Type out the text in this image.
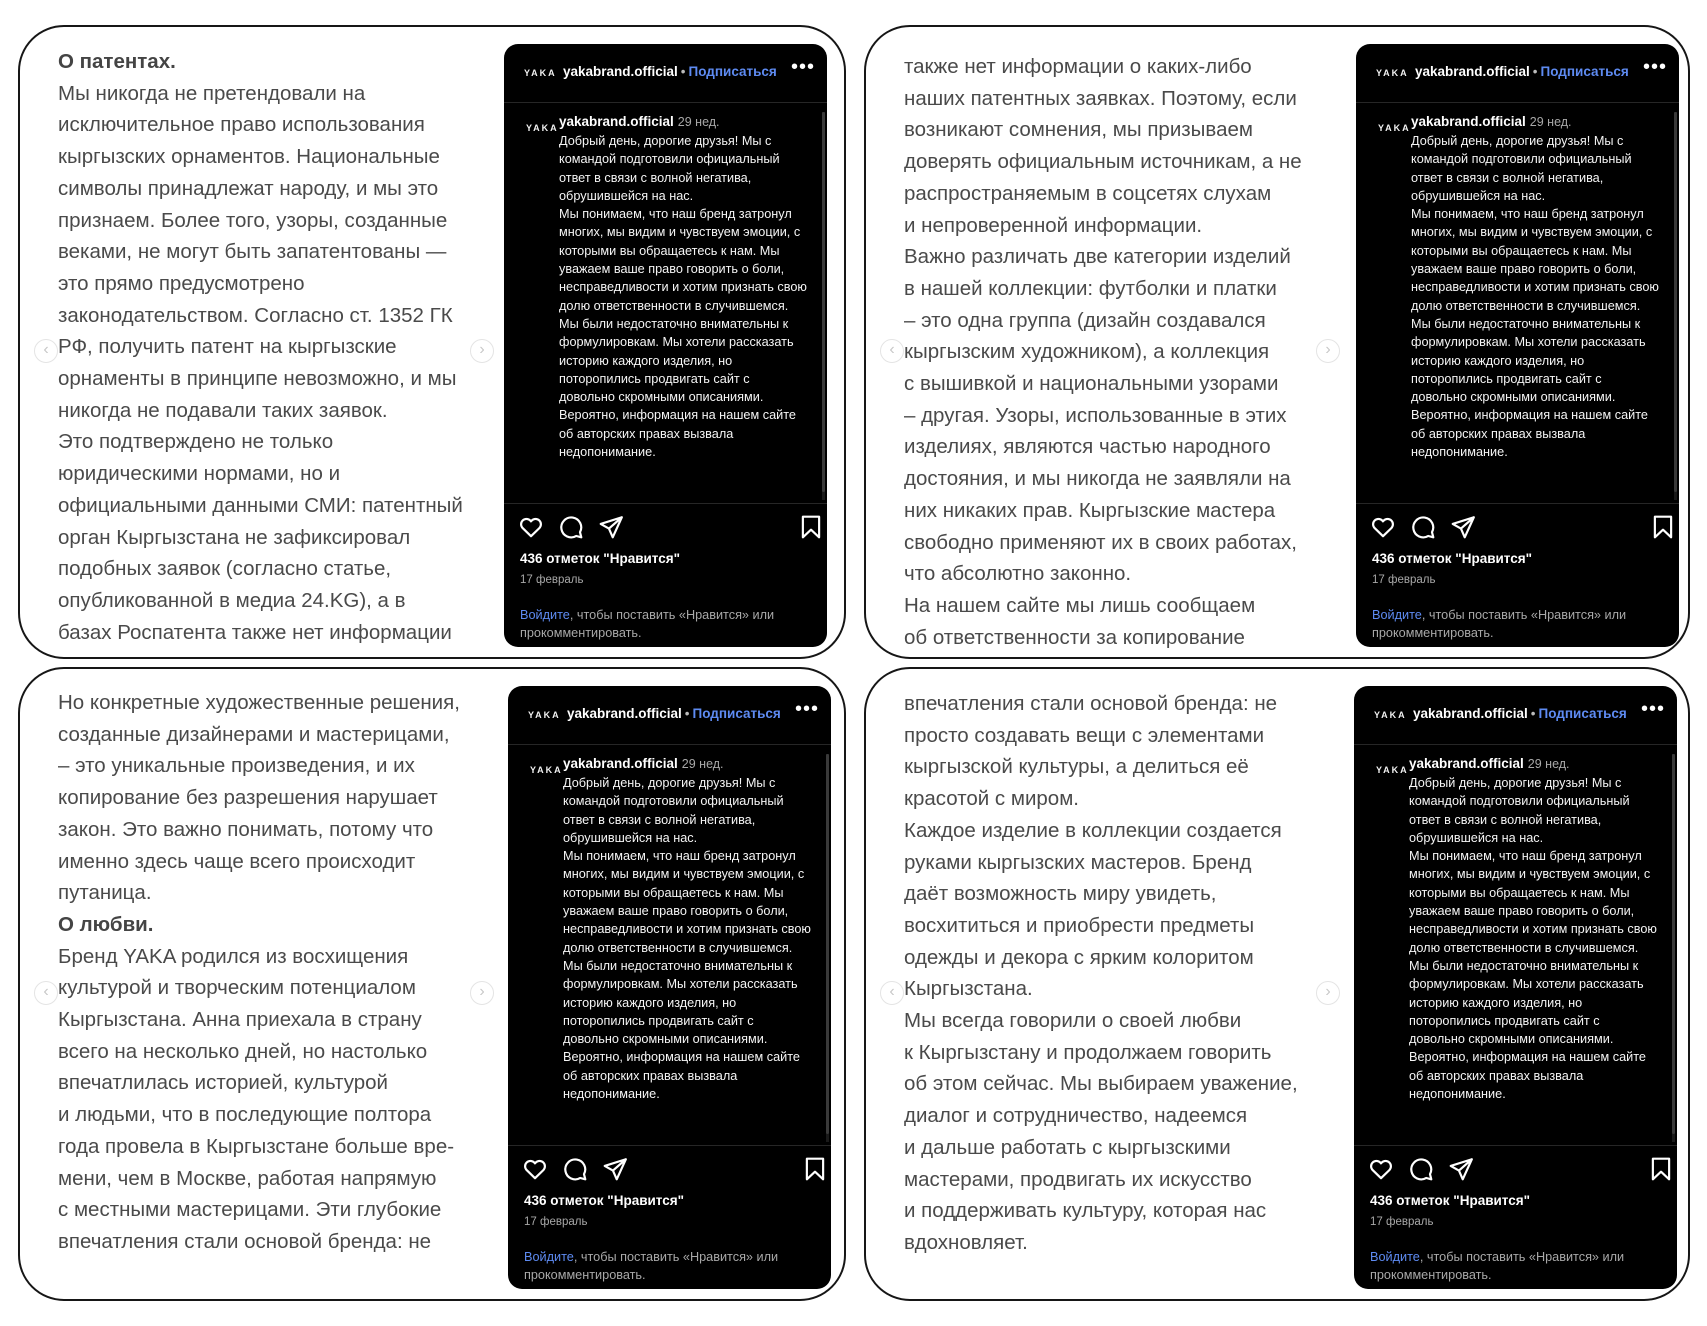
О патентах.

Мы никогда не претендовали на
исключительное право использования
кыргызских орнаментов. Национальные
символы принадлежат народу, и мы это
признаем. Более того, узоры, созданные
веками, не могут быть запатентованы —
это прямо предусмотрено
законодательством. Согласно ст. 1352 ГК
РФ, получить патент на кыргызские
орнаменты в принципе невозможно, и мы
никогда не подавали таких заявок.

Это подтверждено не только
юридическими нормами, но и
официальными данными СМИ: патентный
орган Кыргызстана не зафиксировал
подобных заявок (согласно статье,
опубликованной в медиа 24.KG), а в
базах Роспатента также нет информации

‹	›
YAKA yakabrand.official • Подписаться •••
YAKA yakabrand.official 29 нед.
Добрый день, дорогие друзья! Мы с командой подготовили официальный ответ в связи с волной негатива, обрушившейся на нас.
Мы понимаем, что наш бренд затронул многих, мы видим и чувствуем эмоции, с которыми вы обращаетесь к нам. Мы уважаем ваше право говорить о боли, несправедливости и хотим признать свою долю ответственности в случившемся.
Мы были недостаточно внимательны к формулировкам. Мы хотели рассказать историю каждого изделия, но поторопились продвигать сайт с довольно скромными описаниями. Вероятно, информация на нашем сайте об авторских правах вызвала недопонимание.
436 отметок "Нравится"
17 февраль
Войдите, чтобы поставить «Нравится» или прокомментировать.

также нет информации о каких-либо
наших патентных заявках. Поэтому, если
возникают сомнения, мы призываем
доверять официальным источникам, а не
распространяемым в соцсетях слухам
и непроверенной информации.

Важно различать две категории изделий
в нашей коллекции: футболки и платки
– это одна группа (дизайн создавался
кыргызским художником), а коллекция
с вышивкой и национальными узорами
– другая. Узоры, использованные в этих
изделиях, являются частью народного
достояния, и мы никогда не заявляли на
них никаких прав. Кыргызские мастера
свободно применяют их в своих работах,
что абсолютно законно.

На нашем сайте мы лишь сообщаем
об ответственности за копирование

‹	›
YAKA yakabrand.official • Подписаться •••
YAKA yakabrand.official 29 нед.
Добрый день, дорогие друзья! Мы с командой подготовили официальный ответ в связи с волной негатива, обрушившейся на нас.
Мы понимаем, что наш бренд затронул многих, мы видим и чувствуем эмоции, с которыми вы обращаетесь к нам. Мы уважаем ваше право говорить о боли, несправедливости и хотим признать свою долю ответственности в случившемся.
Мы были недостаточно внимательны к формулировкам. Мы хотели рассказать историю каждого изделия, но поторопились продвигать сайт с довольно скромными описаниями. Вероятно, информация на нашем сайте об авторских правах вызвала недопонимание.
436 отметок "Нравится"
17 февраль
Войдите, чтобы поставить «Нравится» или прокомментировать.

Но конкретные художественные решения,
созданные дизайнерами и мастерицами,
– это уникальные произведения, и их
копирование без разрешения нарушает
закон. Это важно понимать, потому что
именно здесь чаще всего происходит
путаница.

О любви.

Бренд YAKA родился из восхищения
культурой и творческим потенциалом
Кыргызстана. Анна приехала в страну
всего на несколько дней, но настолько
впечатлилась историей, культурой
и людьми, что в последующие полтора
года провела в Кыргызстане больше вре-
мени, чем в Москве, работая напрямую
с местными мастерицами. Эти глубокие
впечатления стали основой бренда: не

‹	›
YAKA yakabrand.official • Подписаться •••
YAKA yakabrand.official 29 нед.
Добрый день, дорогие друзья! Мы с командой подготовили официальный ответ в связи с волной негатива, обрушившейся на нас.
Мы понимаем, что наш бренд затронул многих, мы видим и чувствуем эмоции, с которыми вы обращаетесь к нам. Мы уважаем ваше право говорить о боли, несправедливости и хотим признать свою долю ответственности в случившемся.
Мы были недостаточно внимательны к формулировкам. Мы хотели рассказать историю каждого изделия, но поторопились продвигать сайт с довольно скромными описаниями. Вероятно, информация на нашем сайте об авторских правах вызвала недопонимание.
436 отметок "Нравится"
17 февраль
Войдите, чтобы поставить «Нравится» или прокомментировать.

впечатления стали основой бренда: не
просто создавать вещи с элементами
кыргызской культуры, а делиться её
красотой с миром.

Каждое изделие в коллекции создается
руками кыргызских мастеров. Бренд
даёт возможность миру увидеть,
восхититься и приобрести предметы
одежды и декора с ярким колоритом
Кыргызстана.

Мы всегда говорили о своей любви
к Кыргызстану и продолжаем говорить
об этом сейчас. Мы выбираем уважение,
диалог и сотрудничество, надеемся
и дальше работать с кыргызскими
мастерами, продвигать их искусство
и поддерживать культуру, которая нас
вдохновляет.

‹	›
YAKA yakabrand.official • Подписаться •••
YAKA yakabrand.official 29 нед.
Добрый день, дорогие друзья! Мы с командой подготовили официальный ответ в связи с волной негатива, обрушившейся на нас.
Мы понимаем, что наш бренд затронул многих, мы видим и чувствуем эмоции, с которыми вы обращаетесь к нам. Мы уважаем ваше право говорить о боли, несправедливости и хотим признать свою долю ответственности в случившемся.
Мы были недостаточно внимательны к формулировкам. Мы хотели рассказать историю каждого изделия, но поторопились продвигать сайт с довольно скромными описаниями. Вероятно, информация на нашем сайте об авторских правах вызвала недопонимание.
436 отметок "Нравится"
17 февраль
Войдите, чтобы поставить «Нравится» или прокомментировать.
